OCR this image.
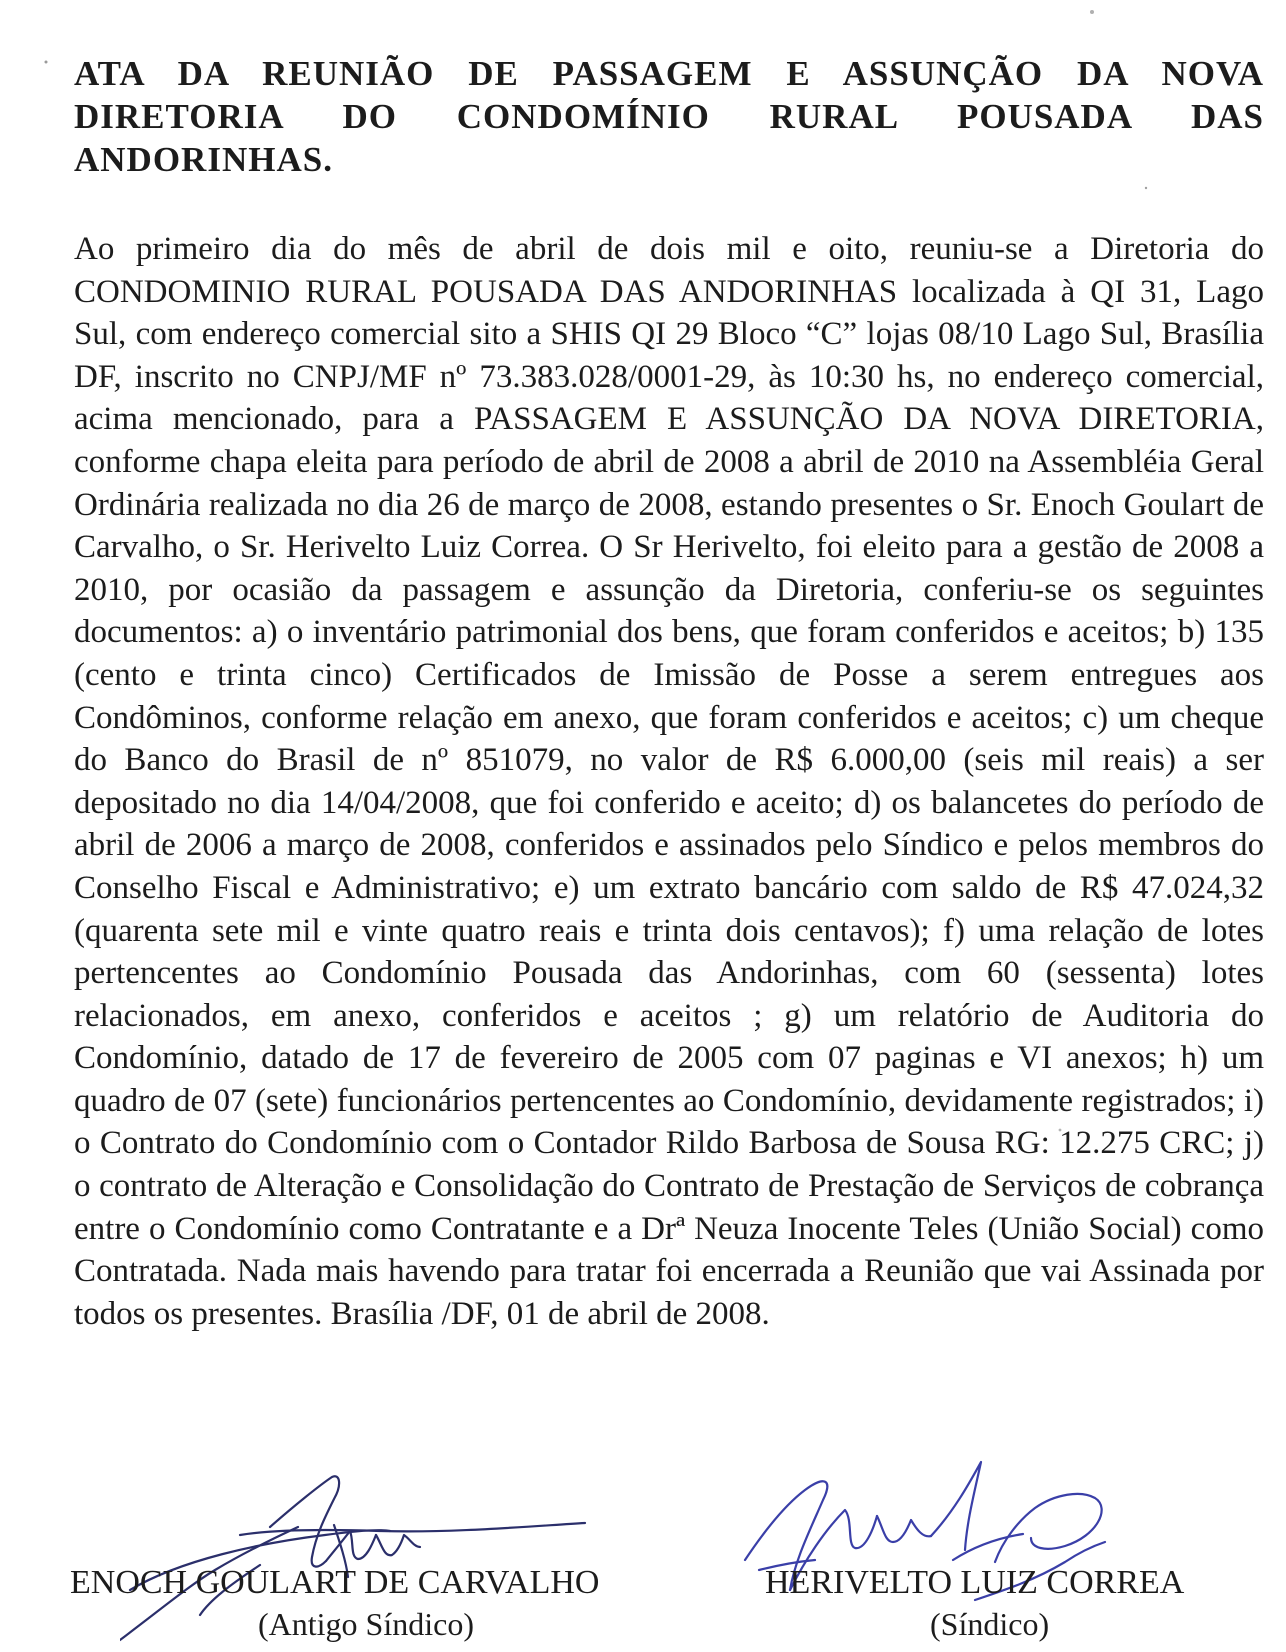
ATA DA REUNIÃO DE PASSAGEM E ASSUNÇÃO DA NOVA DIRETORIA DO CONDOMÍNIO RURAL POUSADA DAS ANDORINHAS.

Ao primeiro dia do mês de abril de dois mil e oito, reuniu-se a Diretoria do CONDOMINIO RURAL POUSADA DAS ANDORINHAS localizada à QI 31, Lago Sul, com endereço comercial sito a SHIS QI 29 Bloco “C” lojas 08/10 Lago Sul, Brasília DF, inscrito no CNPJ/MF nº 73.383.028/0001-29, às 10:30 hs, no endereço comercial, acima mencionado, para a PASSAGEM E ASSUNÇÃO DA NOVA DIRETORIA, conforme chapa eleita para período de abril de 2008 a abril de 2010 na Assembléia Geral Ordinária realizada no dia 26 de março de 2008, estando presentes o Sr. Enoch Goulart de Carvalho, o Sr. Herivelto Luiz Correa. O Sr Herivelto, foi eleito para a gestão de 2008 a 2010, por ocasião da passagem e assunção da Diretoria, conferiu-se os seguintes documentos: a) o inventário patrimonial dos bens, que foram conferidos e aceitos; b) 135 (cento e trinta cinco) Certificados de Imissão de Posse a serem entregues aos Condôminos, conforme relação em anexo, que foram conferidos e aceitos; c) um cheque do Banco do Brasil de nº 851079, no valor de R$ 6.000,00 (seis mil reais) a ser depositado no dia 14/04/2008, que foi conferido e aceito; d) os balancetes do período de abril de 2006 a março de 2008, conferidos e assinados pelo Síndico e pelos membros do Conselho Fiscal e Administrativo; e) um extrato bancário com saldo de R$ 47.024,32 (quarenta sete mil e vinte quatro reais e trinta dois centavos); f) uma relação de lotes pertencentes ao Condomínio Pousada das Andorinhas, com 60 (sessenta) lotes relacionados, em anexo, conferidos e aceitos ; g) um relatório de Auditoria do Condomínio, datado de 17 de fevereiro de 2005 com 07 paginas e VI anexos; h) um quadro de 07 (sete) funcionários pertencentes ao Condomínio, devidamente registrados; i) o Contrato do Condomínio com o Contador Rildo Barbosa de Sousa RG: 12.275 CRC; j) o contrato de Alteração e Consolidação do Contrato de Prestação de Serviços de cobrança entre o Condomínio como Contratante e a Drª Neuza Inocente Teles (União Social) como Contratada. Nada mais havendo para tratar foi encerrada a Reunião que vai Assinada por todos os presentes. Brasília /DF, 01 de abril de 2008.

ENOCH GOULART DE CARVALHO
(Antigo Síndico)
HERIVELTO LUIZ CORREA
(Síndico)
